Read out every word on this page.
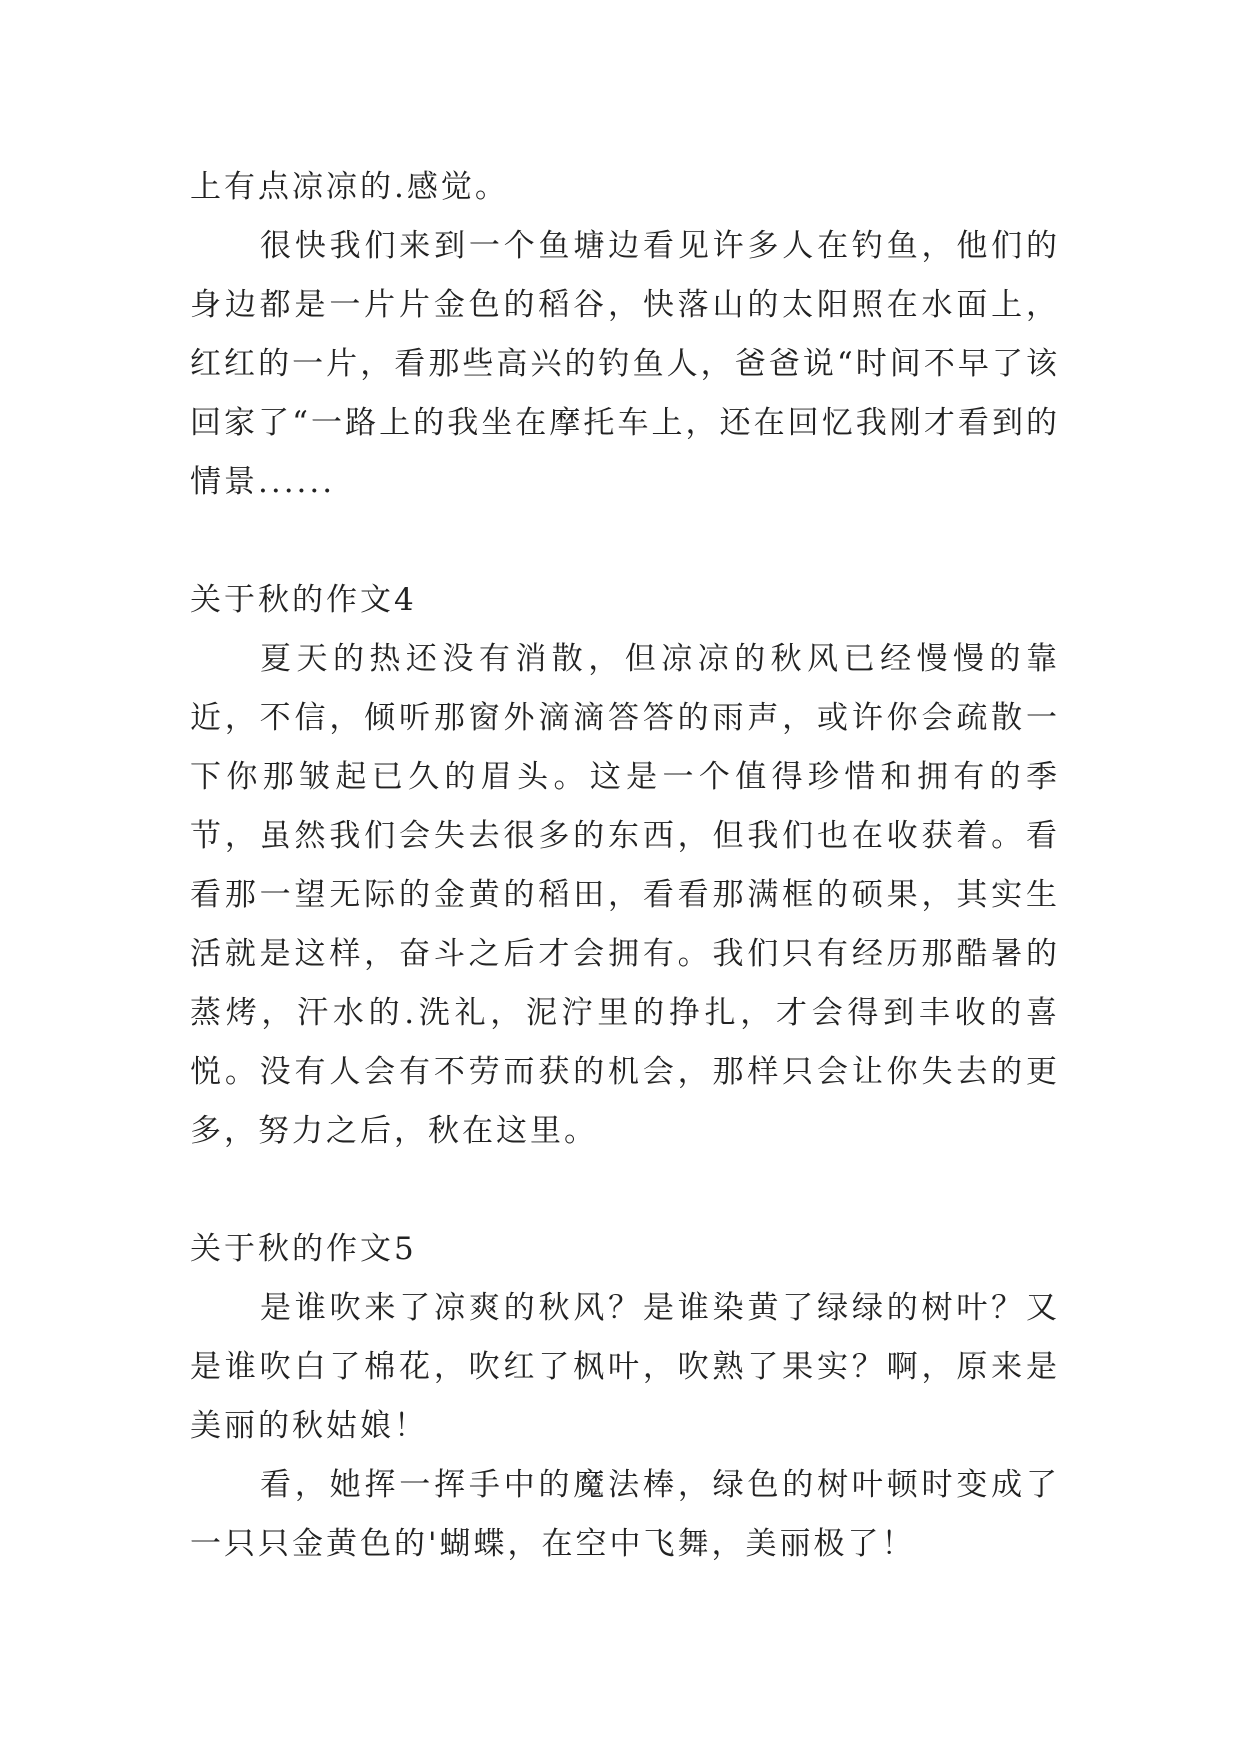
上有点凉凉的.感觉。

很快我们来到一个鱼塘边看见许多人在钓鱼，他们的身边都是一片片金色的稻谷，快落山的太阳照在水面上，红红的一片，看那些高兴的钓鱼人，爸爸说“时间不早了该回家了“一路上的我坐在摩托车上，还在回忆我刚才看到的情景......

关于秋的作文4

夏天的热还没有消散，但凉凉的秋风已经慢慢的靠近，不信，倾听那窗外滴滴答答的雨声，或许你会疏散一下你那皱起已久的眉头。这是一个值得珍惜和拥有的季节，虽然我们会失去很多的东西，但我们也在收获着。看看那一望无际的金黄的稻田，看看那满框的硕果，其实生活就是这样，奋斗之后才会拥有。我们只有经历那酷暑的蒸烤，汗水的.洗礼，泥泞里的挣扎，才会得到丰收的喜悦。没有人会有不劳而获的机会，那样只会让你失去的更多，努力之后，秋在这里。

关于秋的作文5

是谁吹来了凉爽的秋风？是谁染黄了绿绿的树叶？又是谁吹白了棉花，吹红了枫叶，吹熟了果实？啊，原来是美丽的秋姑娘！

看，她挥一挥手中的魔法棒，绿色的树叶顿时变成了一只只金黄色的'蝴蝶，在空中飞舞，美丽极了！
